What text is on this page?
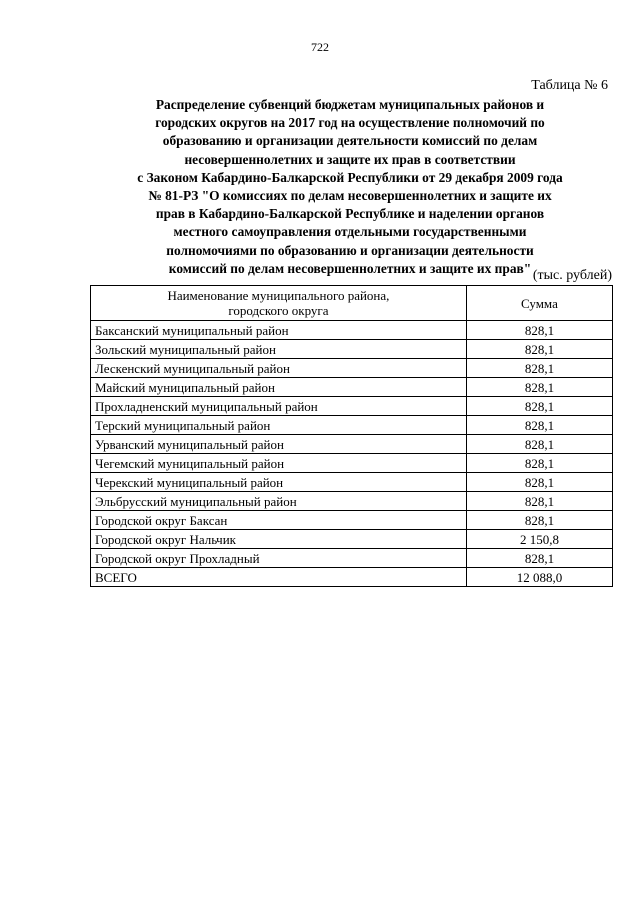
722
Таблица № 6
Распределение субвенций бюджетам муниципальных районов и
городских округов на 2017 год на осуществление полномочий по
образованию и организации деятельности комиссий по делам
несовершеннолетних и защите их прав в соответствии
с Законом Кабардино-Балкарской Республики от 29 декабря 2009 года
№ 81-РЗ "О комиссиях по делам несовершеннолетних и защите их
прав в Кабардино-Балкарской Республике и наделении органов
местного самоуправления отдельными государственными
полномочиями по образованию и организации деятельности
комиссий по делам несовершеннолетних и защите их прав" (тыс. рублей)
Наименование муниципального района,
городского округа	Сумма
Баксанский муниципальный район	828,1
Зольский муниципальный район	828,1
Лескенский муниципальный район	828,1
Майский муниципальный район	828,1
Прохладненский муниципальный район	828,1
Терский муниципальный район	828,1
Урванский муниципальный район	828,1
Чегемский муниципальный район	828,1
Черекский муниципальный район	828,1
Эльбрусский муниципальный район	828,1
Городской округ Баксан	828,1
Городской округ Нальчик	2 150,8
Городской округ Прохладный	828,1
ВСЕГО	12 088,0
